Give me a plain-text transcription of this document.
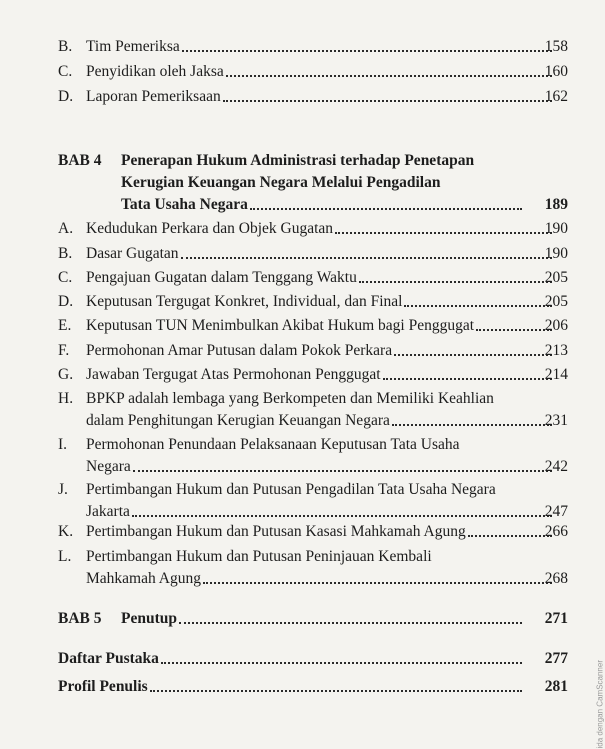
B. Tim Pemeriksa	158
C. Penyidikan oleh Jaksa	160
D. Laporan Pemeriksaan	162
BAB 4 Penerapan Hukum Administrasi terhadap Penetapan
Kerugian Keuangan Negara Melalui Pengadilan
Tata Usaha Negara	189
A. Kedudukan Perkara dan Objek Gugatan	190
B. Dasar Gugatan	190
C. Pengajuan Gugatan dalam Tenggang Waktu	205
D. Keputusan Tergugat Konkret, Individual, dan Final	205
E. Keputusan TUN Menimbulkan Akibat Hukum bagi Penggugat	206
F.	Permohonan Amar Putusan dalam Pokok Perkara	213
G. Jawaban Tergugat Atas Permohonan Penggugat	214
H. BPKP adalah lembaga yang Berkompeten dan Memiliki Keahlian
dalam Penghitungan Kerugian Keuangan Negara	231
I.	Permohonan Penundaan Pelaksanaan Keputusan Tata Usaha
Negara	242
J.	Pertimbangan Hukum dan Putusan Pengadilan Tata Usaha Negara
Jakarta	247
K. Pertimbangan Hukum dan Putusan Kasasi Mahkamah Agung	266
L. Pertimbangan Hukum dan Putusan Peninjauan Kembali
Mahkamah Agung	268
BAB 5 Penutup	271
Daftar Pustaka	277
Profil Penulis	281	ida dengan CamScanner
